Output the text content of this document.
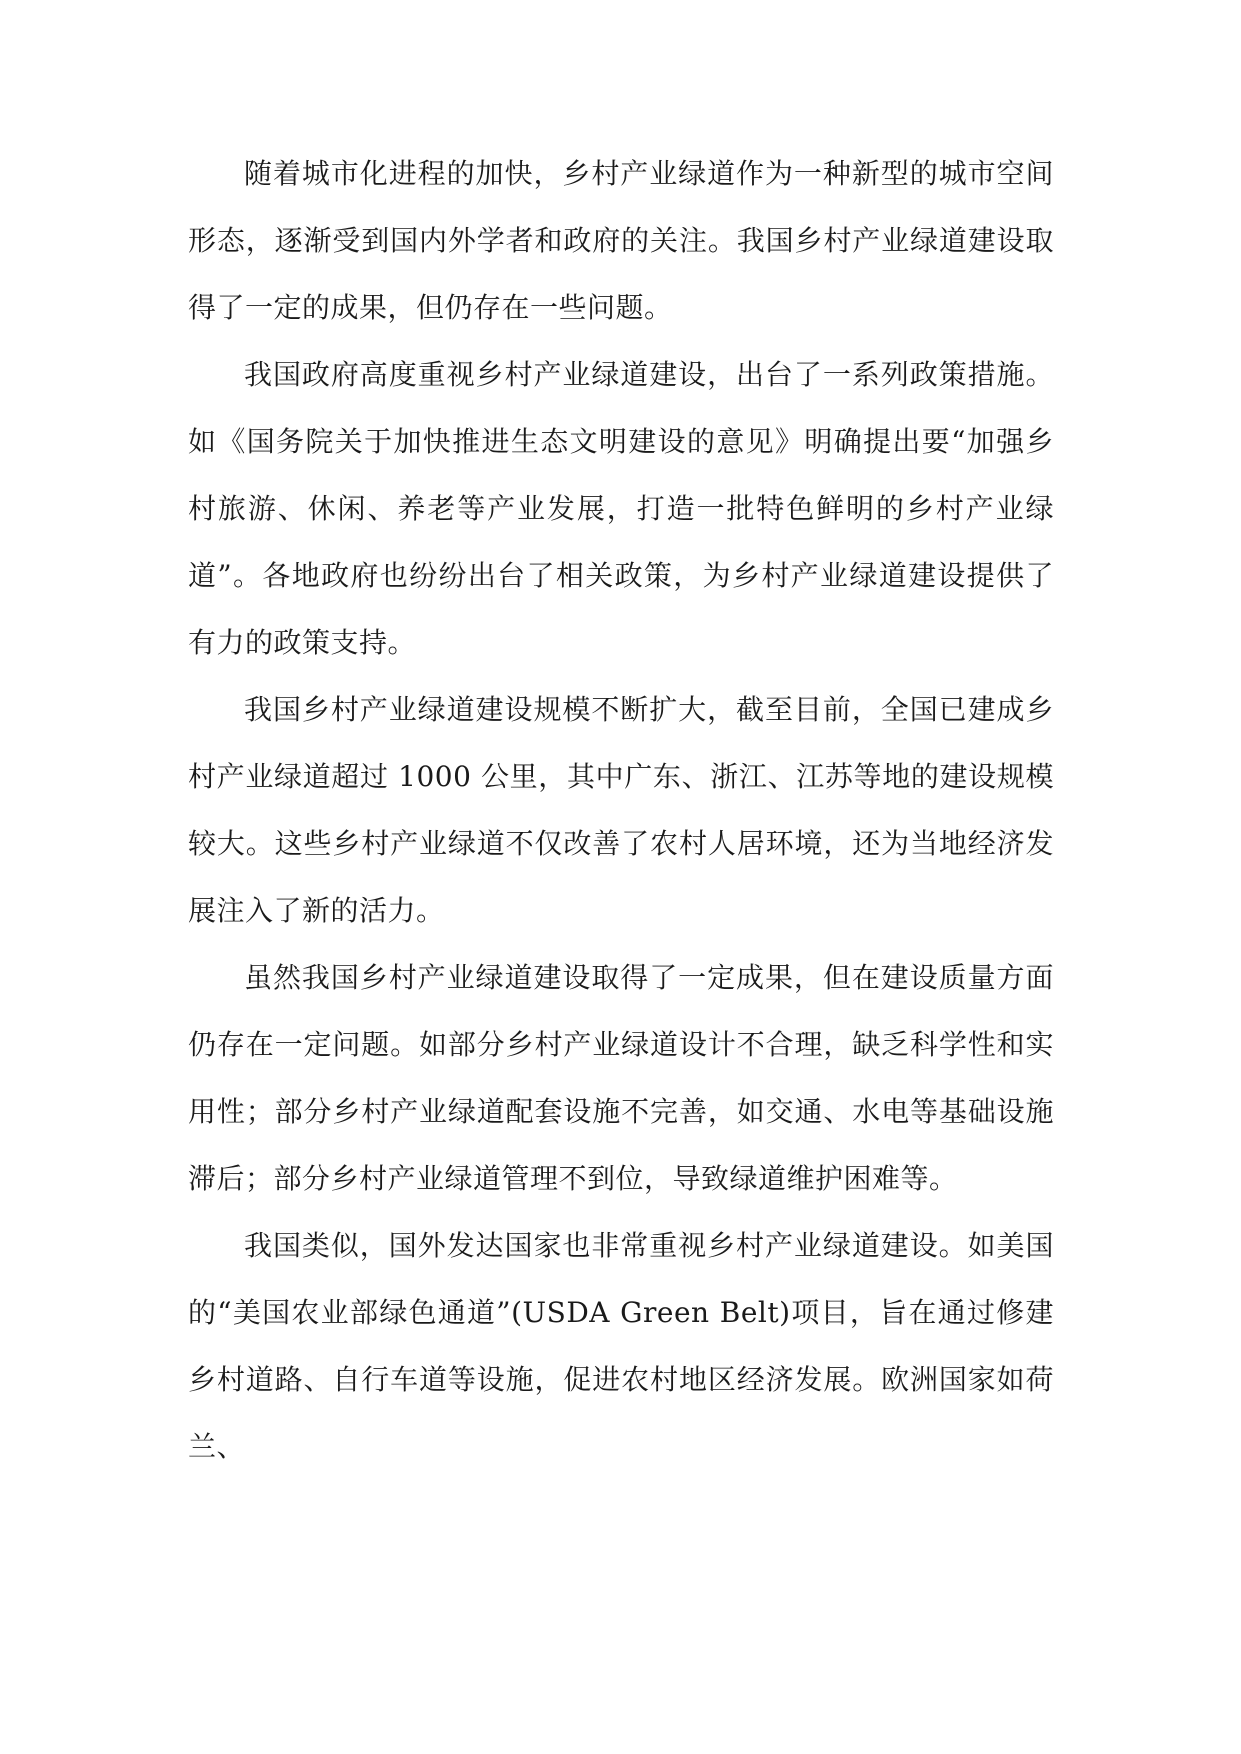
随着城市化进程的加快，乡村产业绿道作为一种新型的城市空间形态，逐渐受到国内外学者和政府的关注。我国乡村产业绿道建设取得了一定的成果，但仍存在一些问题。

我国政府高度重视乡村产业绿道建设，出台了一系列政策措施。如《国务院关于加快推进生态文明建设的意见》明确提出要“加强乡村旅游、休闲、养老等产业发展，打造一批特色鲜明的乡村产业绿道”。各地政府也纷纷出台了相关政策，为乡村产业绿道建设提供了有力的政策支持。

我国乡村产业绿道建设规模不断扩大，截至目前，全国已建成乡村产业绿道超过 1000 公里，其中广东、浙江、江苏等地的建设规模较大。这些乡村产业绿道不仅改善了农村人居环境，还为当地经济发展注入了新的活力。

虽然我国乡村产业绿道建设取得了一定成果，但在建设质量方面仍存在一定问题。如部分乡村产业绿道设计不合理，缺乏科学性和实用性；部分乡村产业绿道配套设施不完善，如交通、水电等基础设施滞后；部分乡村产业绿道管理不到位，导致绿道维护困难等。

我国类似，国外发达国家也非常重视乡村产业绿道建设。如美国的“美国农业部绿色通道”(USDA Green Belt)项目，旨在通过修建乡村道路、自行车道等设施，促进农村地区经济发展。欧洲国家如荷兰、
